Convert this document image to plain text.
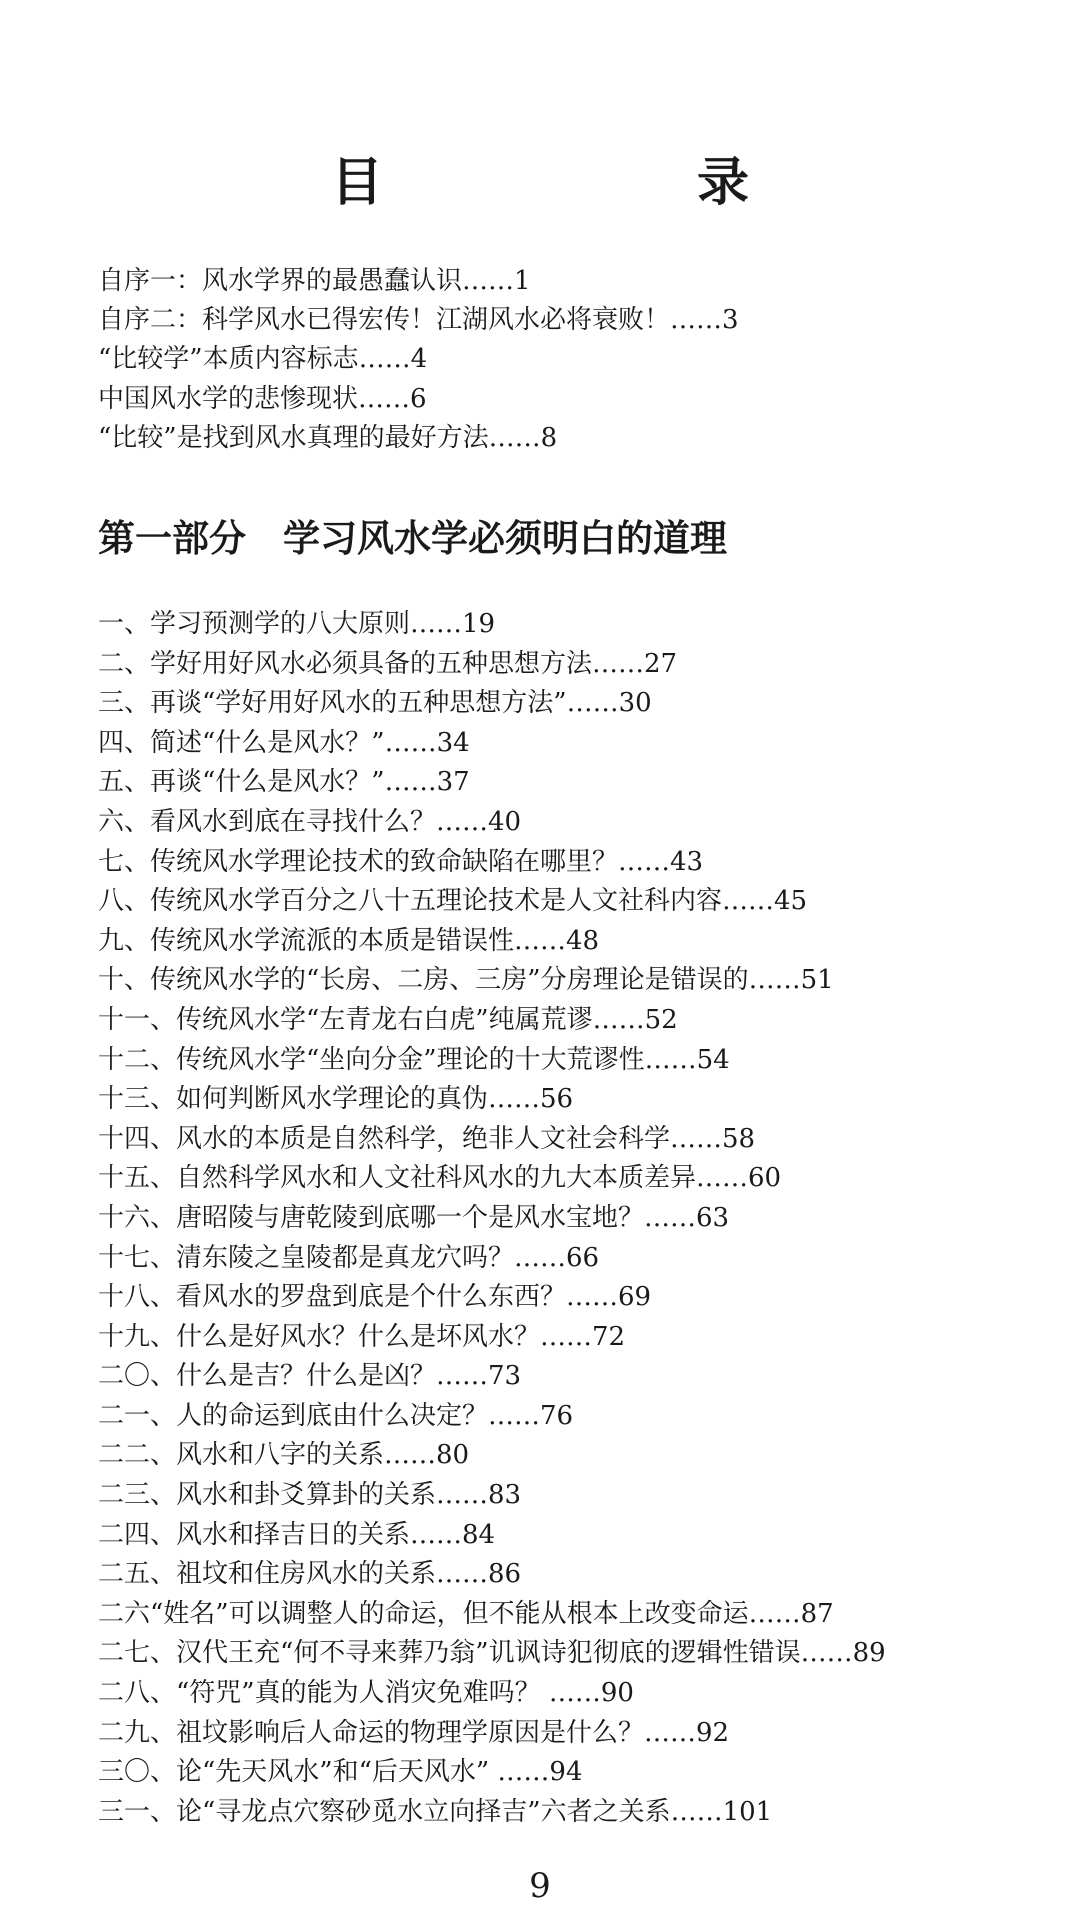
目　　录
自序一：风水学界的最愚蠢认识……1
自序二：科学风水已得宏传！江湖风水必将衰败！……3
“比较学”本质内容标志……4
中国风水学的悲惨现状……6
“比较”是找到风水真理的最好方法……8
第一部分　学习风水学必须明白的道理
一、学习预测学的八大原则……19
二、学好用好风水必须具备的五种思想方法……27
三、再谈“学好用好风水的五种思想方法”……30
四、简述“什么是风水？”……34
五、再谈“什么是风水？”……37
六、看风水到底在寻找什么？……40
七、传统风水学理论技术的致命缺陷在哪里？……43
八、传统风水学百分之八十五理论技术是人文社科内容……45
九、传统风水学流派的本质是错误性……48
十、传统风水学的“长房、二房、三房”分房理论是错误的……51
十一、传统风水学“左青龙右白虎”纯属荒谬……52
十二、传统风水学“坐向分金”理论的十大荒谬性……54
十三、如何判断风水学理论的真伪……56
十四、风水的本质是自然科学，绝非人文社会科学……58
十五、自然科学风水和人文社科风水的九大本质差异……60
十六、唐昭陵与唐乾陵到底哪一个是风水宝地？……63
十七、清东陵之皇陵都是真龙穴吗？……66
十八、看风水的罗盘到底是个什么东西？……69
十九、什么是好风水？什么是坏风水？……72
二〇、什么是吉？什么是凶？……73
二一、人的命运到底由什么决定？……76
二二、风水和八字的关系……80
二三、风水和卦爻算卦的关系……83
二四、风水和择吉日的关系……84
二五、祖坟和住房风水的关系……86
二六“姓名”可以调整人的命运，但不能从根本上改变命运……87
二七、汉代王充“何不寻来葬乃翁”讥讽诗犯彻底的逻辑性错误……89
二八、“符咒”真的能为人消灾免难吗？ ……90
二九、祖坟影响后人命运的物理学原因是什么？……92
三〇、论“先天风水”和“后天风水” ……94
三一、论“寻龙点穴察砂觅水立向择吉”六者之关系……101

9
